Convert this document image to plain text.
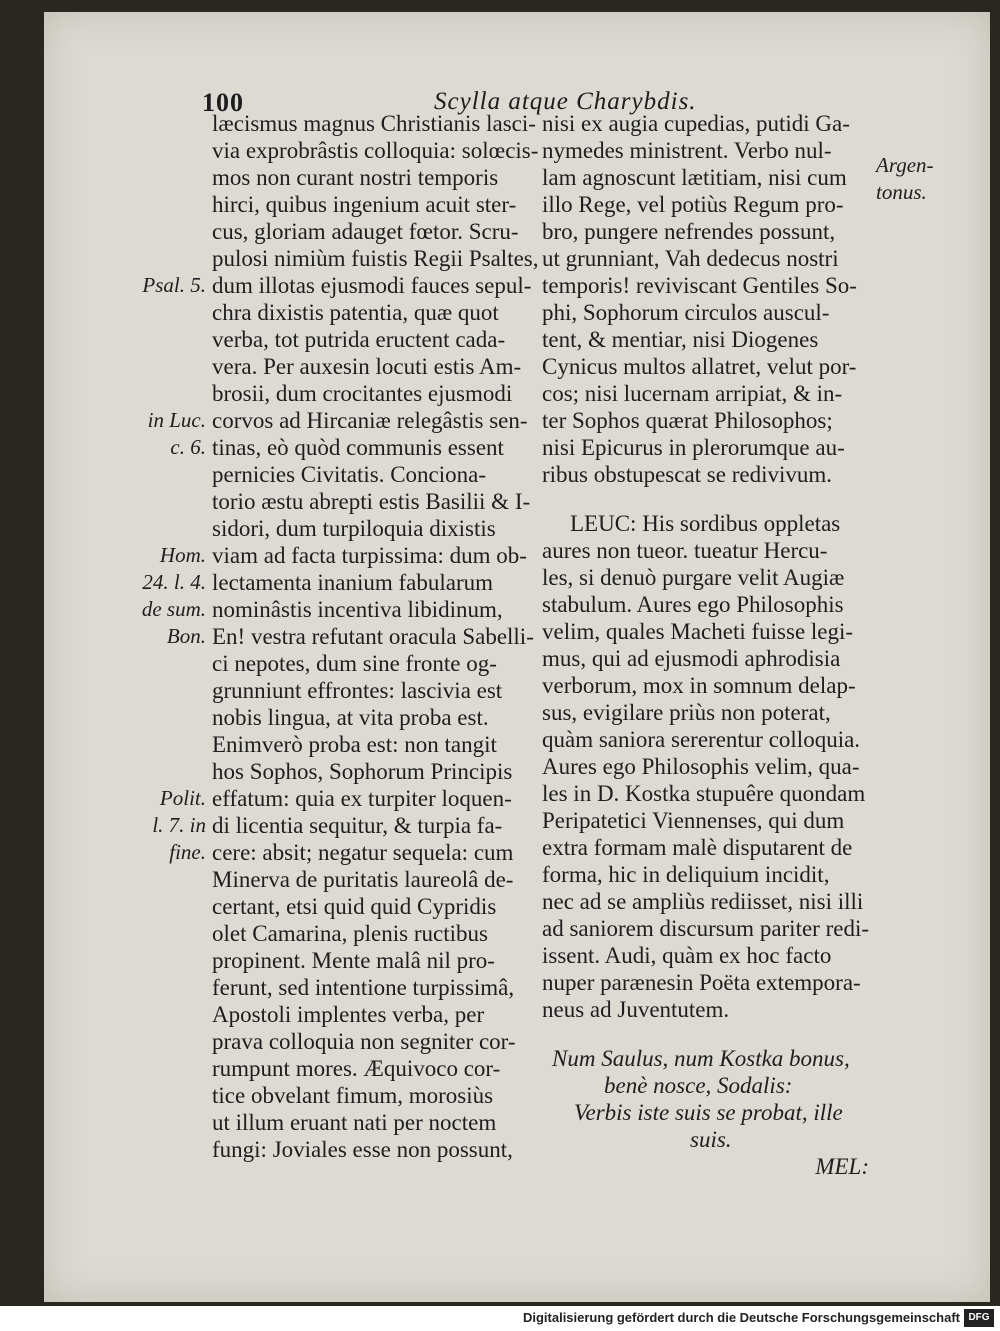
100	Scylla atque Charybdis.
læcismus magnus Christianis lasci-
via exprobrâstis colloquia: solœcis-
mos non curant nostri temporis
hirci, quibus ingenium acuit ster-
cus, gloriam adauget fœtor. Scru-
pulosi nimiùm fuistis Regii Psaltes,
dum illotas ejusmodi fauces sepul-
chra dixistis patentia, quæ quot
verba, tot putrida eructent cada-
vera. Per auxesin locuti estis Am-
brosii, dum crocitantes ejusmodi
corvos ad Hircaniæ relegâstis sen-
tinas, eò quòd communis essent
pernicies Civitatis. Conciona-
torio æstu abrepti estis Basilii & I-
sidori, dum turpiloquia dixistis
viam ad facta turpissima: dum ob-
lectamenta inanium fabularum
nominâstis incentiva libidinum,
En! vestra refutant oracula Sabelli-
ci nepotes, dum sine fronte og-
grunniunt effrontes: lascivia est
nobis lingua, at vita proba est.
Enimverò proba est: non tangit
hos Sophos, Sophorum Principis
effatum: quia ex turpiter loquen-
di licentia sequitur, & turpia fa-
cere: absit; negatur sequela: cum
Minerva de puritatis laureolâ de-
certant, etsi quid quid Cypridis
olet Camarina, plenis ructibus
propinent. Mente malâ nil pro-
ferunt, sed intentione turpissimâ,
Apostoli implentes verba, per
prava colloquia non segniter cor-
rumpunt mores. Æquivoco cor-
tice obvelant fimum, morosiùs
ut illum eruant nati per noctem
fungi: Joviales esse non possunt,
nisi ex augia cupedias, putidi Ga-
nymedes ministrent. Verbo nul-
lam agnoscunt lætitiam, nisi cum
illo Rege, vel potiùs Regum pro-
bro, pungere nefrendes possunt,
ut grunniant, Vah dedecus nostri
temporis! reviviscant Gentiles So-
phi, Sophorum circulos auscul-
tent, & mentiar, nisi Diogenes
Cynicus multos allatret, velut por-
cos; nisi lucernam arripiat, & in-
ter Sophos quærat Philosophos;
nisi Epicurus in plerorumque au-
ribus obstupescat se redivivum.
LEUC: His sordibus oppletas
aures non tueor. tueatur Hercu-
les, si denuò purgare velit Augiæ
stabulum. Aures ego Philosophis
velim, quales Macheti fuisse legi-
mus, qui ad ejusmodi aphrodisia
verborum, mox in somnum delap-
sus, evigilare priùs non poterat,
quàm saniora sererentur colloquia.
Aures ego Philosophis velim, qua-
les in D. Kostka stupuêre quondam
Peripatetici Viennenses, qui dum
extra formam malè disputarent de
forma, hic in deliquium incidit,
nec ad se ampliùs rediisset, nisi illi
ad saniorem discursum pariter redi-
issent. Audi, quàm ex hoc facto
nuper parænesin Poëta extempora-
neus ad Juventutem.
Num Saulus, num Kostka bonus,
benè nosce, Sodalis:
Verbis iste suis se probat, ille
suis.
MEL:
Psal. 5.
in Luc.
c. 6.
Hom.
24. l. 4.
de sum.
Bon.
Polit.
l. 7. in
fine.
Argen-
tonus.
Digitalisierung gefördert durch die Deutsche Forschungsgemeinschaft DFG
